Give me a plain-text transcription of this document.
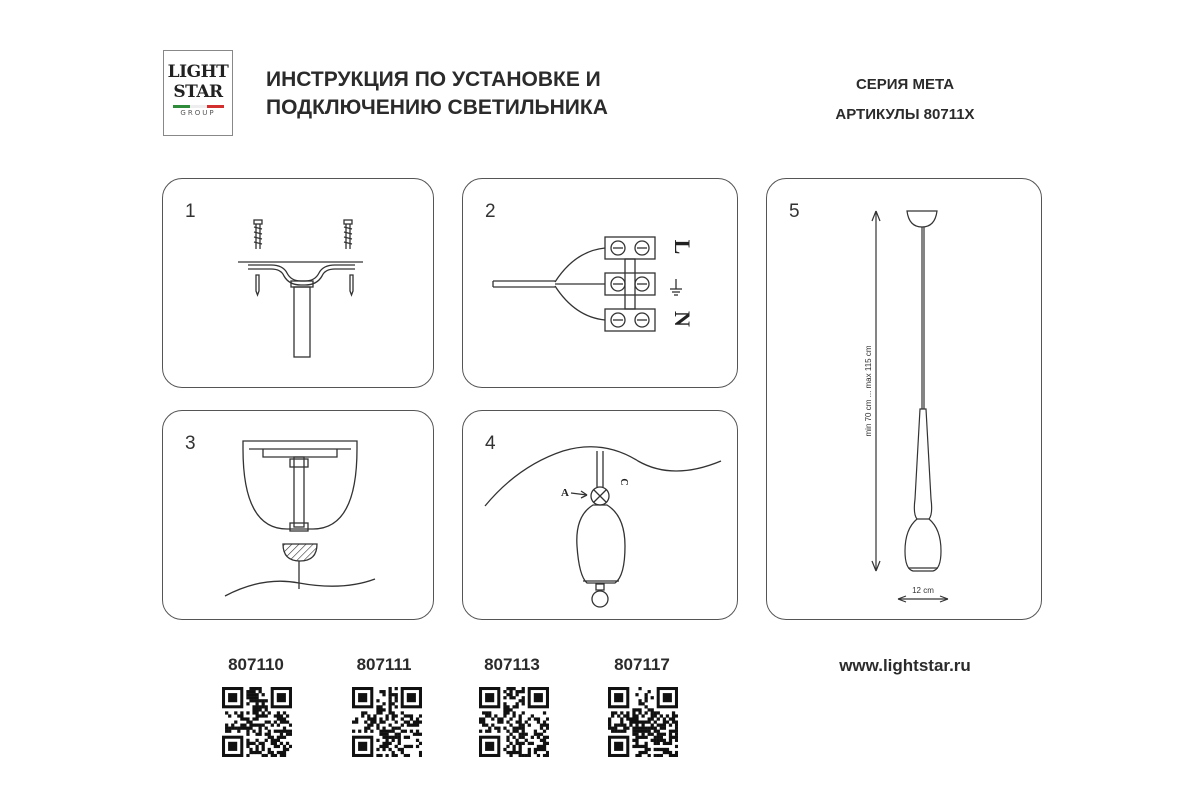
LIGHT
STAR
GROUP
ИНСТРУКЦИЯ ПО УСТАНОВКЕ И
ПОДКЛЮЧЕНИЮ СВЕТИЛЬНИКА
СЕРИЯ МЕТА
АРТИКУЛЫ 80711X
1	2
L
N
3	4
A
C
5
min 70 cm ... max 115 cm
12 cm
807110	807111	807113	807117	www.lightstar.ru
